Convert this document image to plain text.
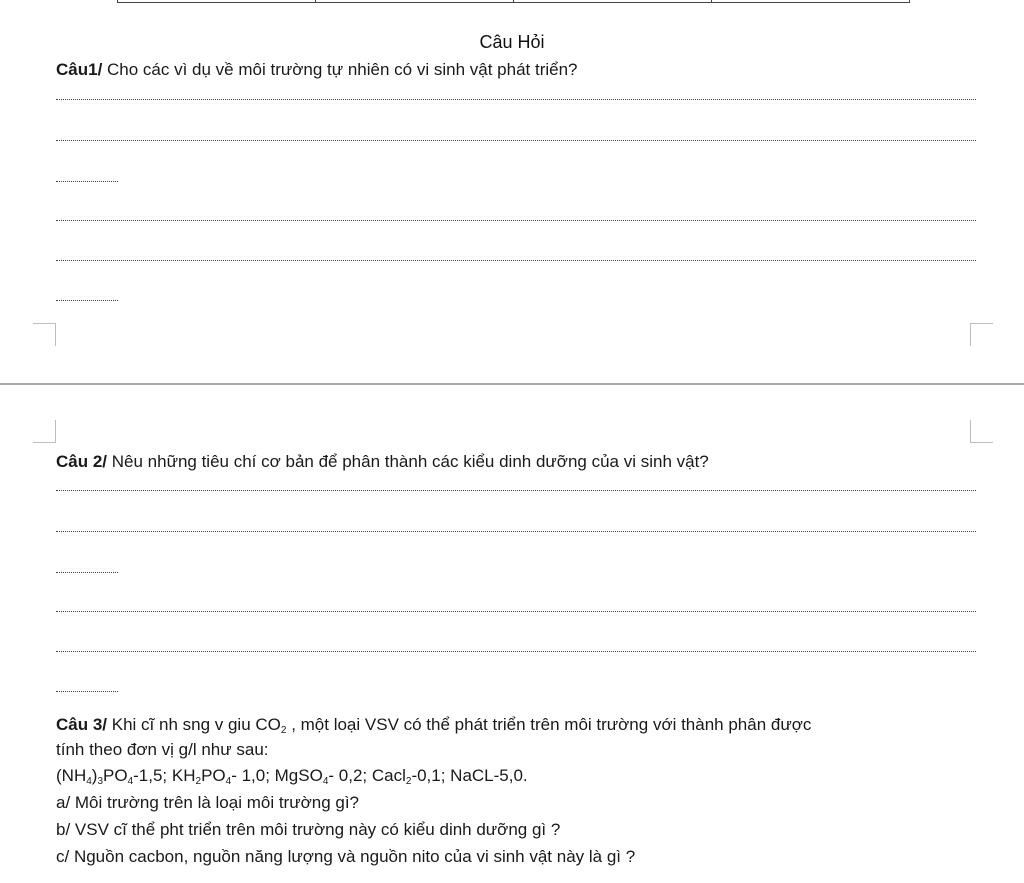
Câu Hỏi
Câu1/ Cho các vì dụ về môi trường tự nhiên có vi sinh vật phát triển?
Câu 2/ Nêu những tiêu chí cơ bản để phân thành các kiểu dinh dưỡng của vi sinh vật?
Câu 3/ Khi cĩ nh sng v giu $CO_2$ , một loại VSV có thể phát triển trên môi trường với thành phân được
tính theo đơn vị g/l như sau:
$(NH_4)_3PO_4-1,5$; $KH_2PO_4-$ 1,0; MgSO$_4$- 0,2; Cacl$_2$-0,1; NaCL-5,0.
a/ Môi trường trên là loại môi trường gì?
b/ VSV cĩ thể pht triển trên môi trường này có kiểu dinh dưỡng gì ?
c/ Nguồn cacbon, nguồn năng lượng và nguồn nito của vi sinh vật này là gì ?
